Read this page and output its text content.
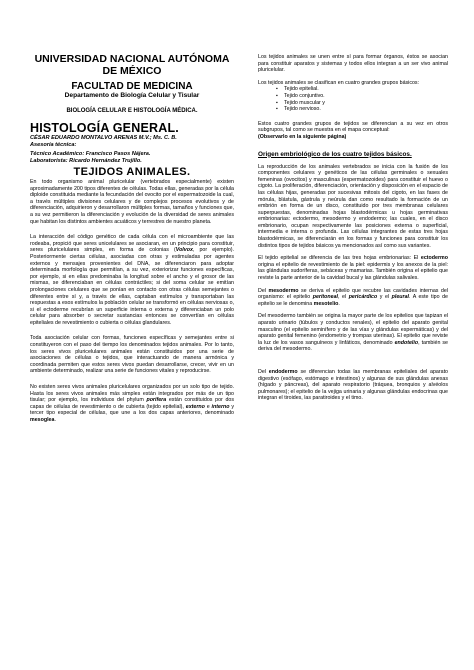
UNIVERSIDAD NACIONAL AUTÓNOMA DE MÉXICO
FACULTAD DE MEDICINA
Departamento de Biología Celular y Tisular
BIOLOGÍA CELULAR E HISTOLOGÍA MÉDICA.
HISTOLOGÍA GENERAL.
CÉSAR EDUARDO MONTALVO ARENAS M.V.; Ms. C. B.
Asesoría técnica:
Técnico Académico: Francisco Pasos Nájera.
Laboratorista: Ricardo Hernández Trujillo.
TEJIDOS ANIMALES.

En todo organismo animal pluricelular (vertebrados especialmente) existen aproximadamente 200 tipos diferentes de células. Todas ellas, generadas por la célula diploide constituida mediante la fecundación del ovocito por el espermatozoide la cual, a través múltiples divisiones celulares y de complejos procesos evolutivos y de diferenciación, adquirieron y desarrollaron múltiples formas, tamaños y funciones que, a su vez permitieron la diferenciación y evolución de la diversidad de seres animales que habitan los distintos ambientes acuáticos y terrestres de nuestro planeta.

La interacción del código genético de cada célula con el microambiente que las rodeaba, propició que seres unicelulares se asociaran, en un principio para constituir, seres pluricelulares simples, en forma de colonias (Volvox, por ejemplo). Posteriormente ciertas células, asociadas con otras y estimuladas por agentes externos y mensajes provenientes del DNA, se diferenciaron para adoptar determinada morfología que permitían, a su vez, exteriorizar funciones específicas, por ejemplo, si en ellas predominaba la longitud sobre el ancho y el grosor de las mismas, se diferenciaban en células contráctiles; si del soma celular se emitían prolongaciones celulares que se ponían en contacto con otras células semejantes o diferentes entre sí y, a través de ellas, captaban estímulos y transportaban las respuestas a esos estímulos la población celular se transformó en células nerviosas o, si el ectoderme recubrían un superficie interna o externa y diferenciaban un polo celular para absorber o secretar sustancias entonces se convertían en células epiteliales de revestimiento o cubierta o células glandulares.

Toda asociación celular con formas, funciones específicas y semejantes entre si constituyeron con el paso del tiempo los denominados tejidos animales. Por lo tanto, los seres vivos pluricelulares animales están constituidos por una serie de asociaciones de células o tejidos, que interactuando de manera armónica y coordinada permiten que estos seres vivos puedan desarrollarse, crecer, vivir en un ambiente determinado, realizar una serie de funciones vitales y reproducirse.

No existen seres vivos animales pluricelulares organizados por un solo tipo de tejido. Hasta los seres vivos animales más simples están integrados por más de un tipo tisular; por ejemplo, los individuos del phylum porifera están constituidos por dos capas de células de revestimiento o de cubierta (tejido epitelial), externo e interno y tercer tipo especial de células, que une a los dos capas anteriores, denominado mesoglea.

Los tejidos animales se unen entre sí para formar órganos, éstos se asocian para constituir aparatos y sistemas y todos ellos integran a un ser vivo animal pluricelular.

Los tejidos animales se clasifican en cuatro grandes grupos básicos:
▪ Tejido epitelial.
▪ Tejido conjuntivo.
▪ Tejido muscular y
▪ Tejido nervioso.
Estos cuatro grandes grupos de tejidos se diferencian a su vez en otros subgrupos, tal como se muestra en el mapa conceptual:
(Observarlo en la siguiente página)
Origen embriológico de los cuatro tejidos básicos.

La reproducción de los animales vertebrados se inicia con la fusión de los componentes celulares y genéticos de las células germinales o sexuales femeninas (ovocitos) y masculinas (espermatozoides) para constituir el huevo o cigoto. La proliferación, diferenciación, orientación y disposición en el espacio de las células hijas, generadas por sucesivas mitosis del cigoto, en las fases de mórula, blástula, gástrula y neúrula dan como resultado la formación de un embrión en forma de un disco, constituido por tres membranas celulares superpuestas, denominadas hojas blastodérmicas u hojas germinativas embrionarias: ectodermo, mesodermo y endodermo; las cuales, en el disco embrionario, ocupan respectivamente las posiciones externa o superficial, intermedia e interna o profunda. Las células integrantes de estas tres hojas blastodérmicas, se diferenciarán en los formas y funciones para constituir los distintos tipos de tejidos básicos ya mencionados así como sus variantes.

El tejido epitelial se diferencia de las tres hojas embrionarias: El ectodermo origina el epitelio de revestimiento de la piel: epidermis y los anexos de la piel: las glándulas sudoríferas, sebáceas y mamarias. También origina el epitelio que reviste la parte anterior de la cavidad bucal y las glándulas salivales.

Del mesodermo se deriva el epitelio que recubre las cavidades internas del organismo: el epitelio peritoneal, el pericárdico y el pleural. A este tipo de epitelio se le denomina mesotelio.

Del mesodermo también se origina la mayor parte de los epitelios que tapizan el aparato urinario (túbulos y conductos renales), el epitelio del aparato genital masculino (el epitelio seminífero y de las vías y glándulas espermáticas) y del aparato genital femenino (endometrio y trompas uterinas). El epitelio que reviste la luz de los vasos sanguíneos y linfáticos, denominado endotelio, también se deriva del mesodermo.

Del endodermo se diferencian todas las membranas epiteliales del aparato digestivo (esófago, estómago e intestinos) y algunas de sus glándulas anexas (hígado y páncreas), del aparato respiratorio (tráquea, bronquios y alvéolos pulmonares); el epitelio de la vejiga urinaria y algunas glándulas endocrinas que integran el tiroides, las paratiroides y el timo.
